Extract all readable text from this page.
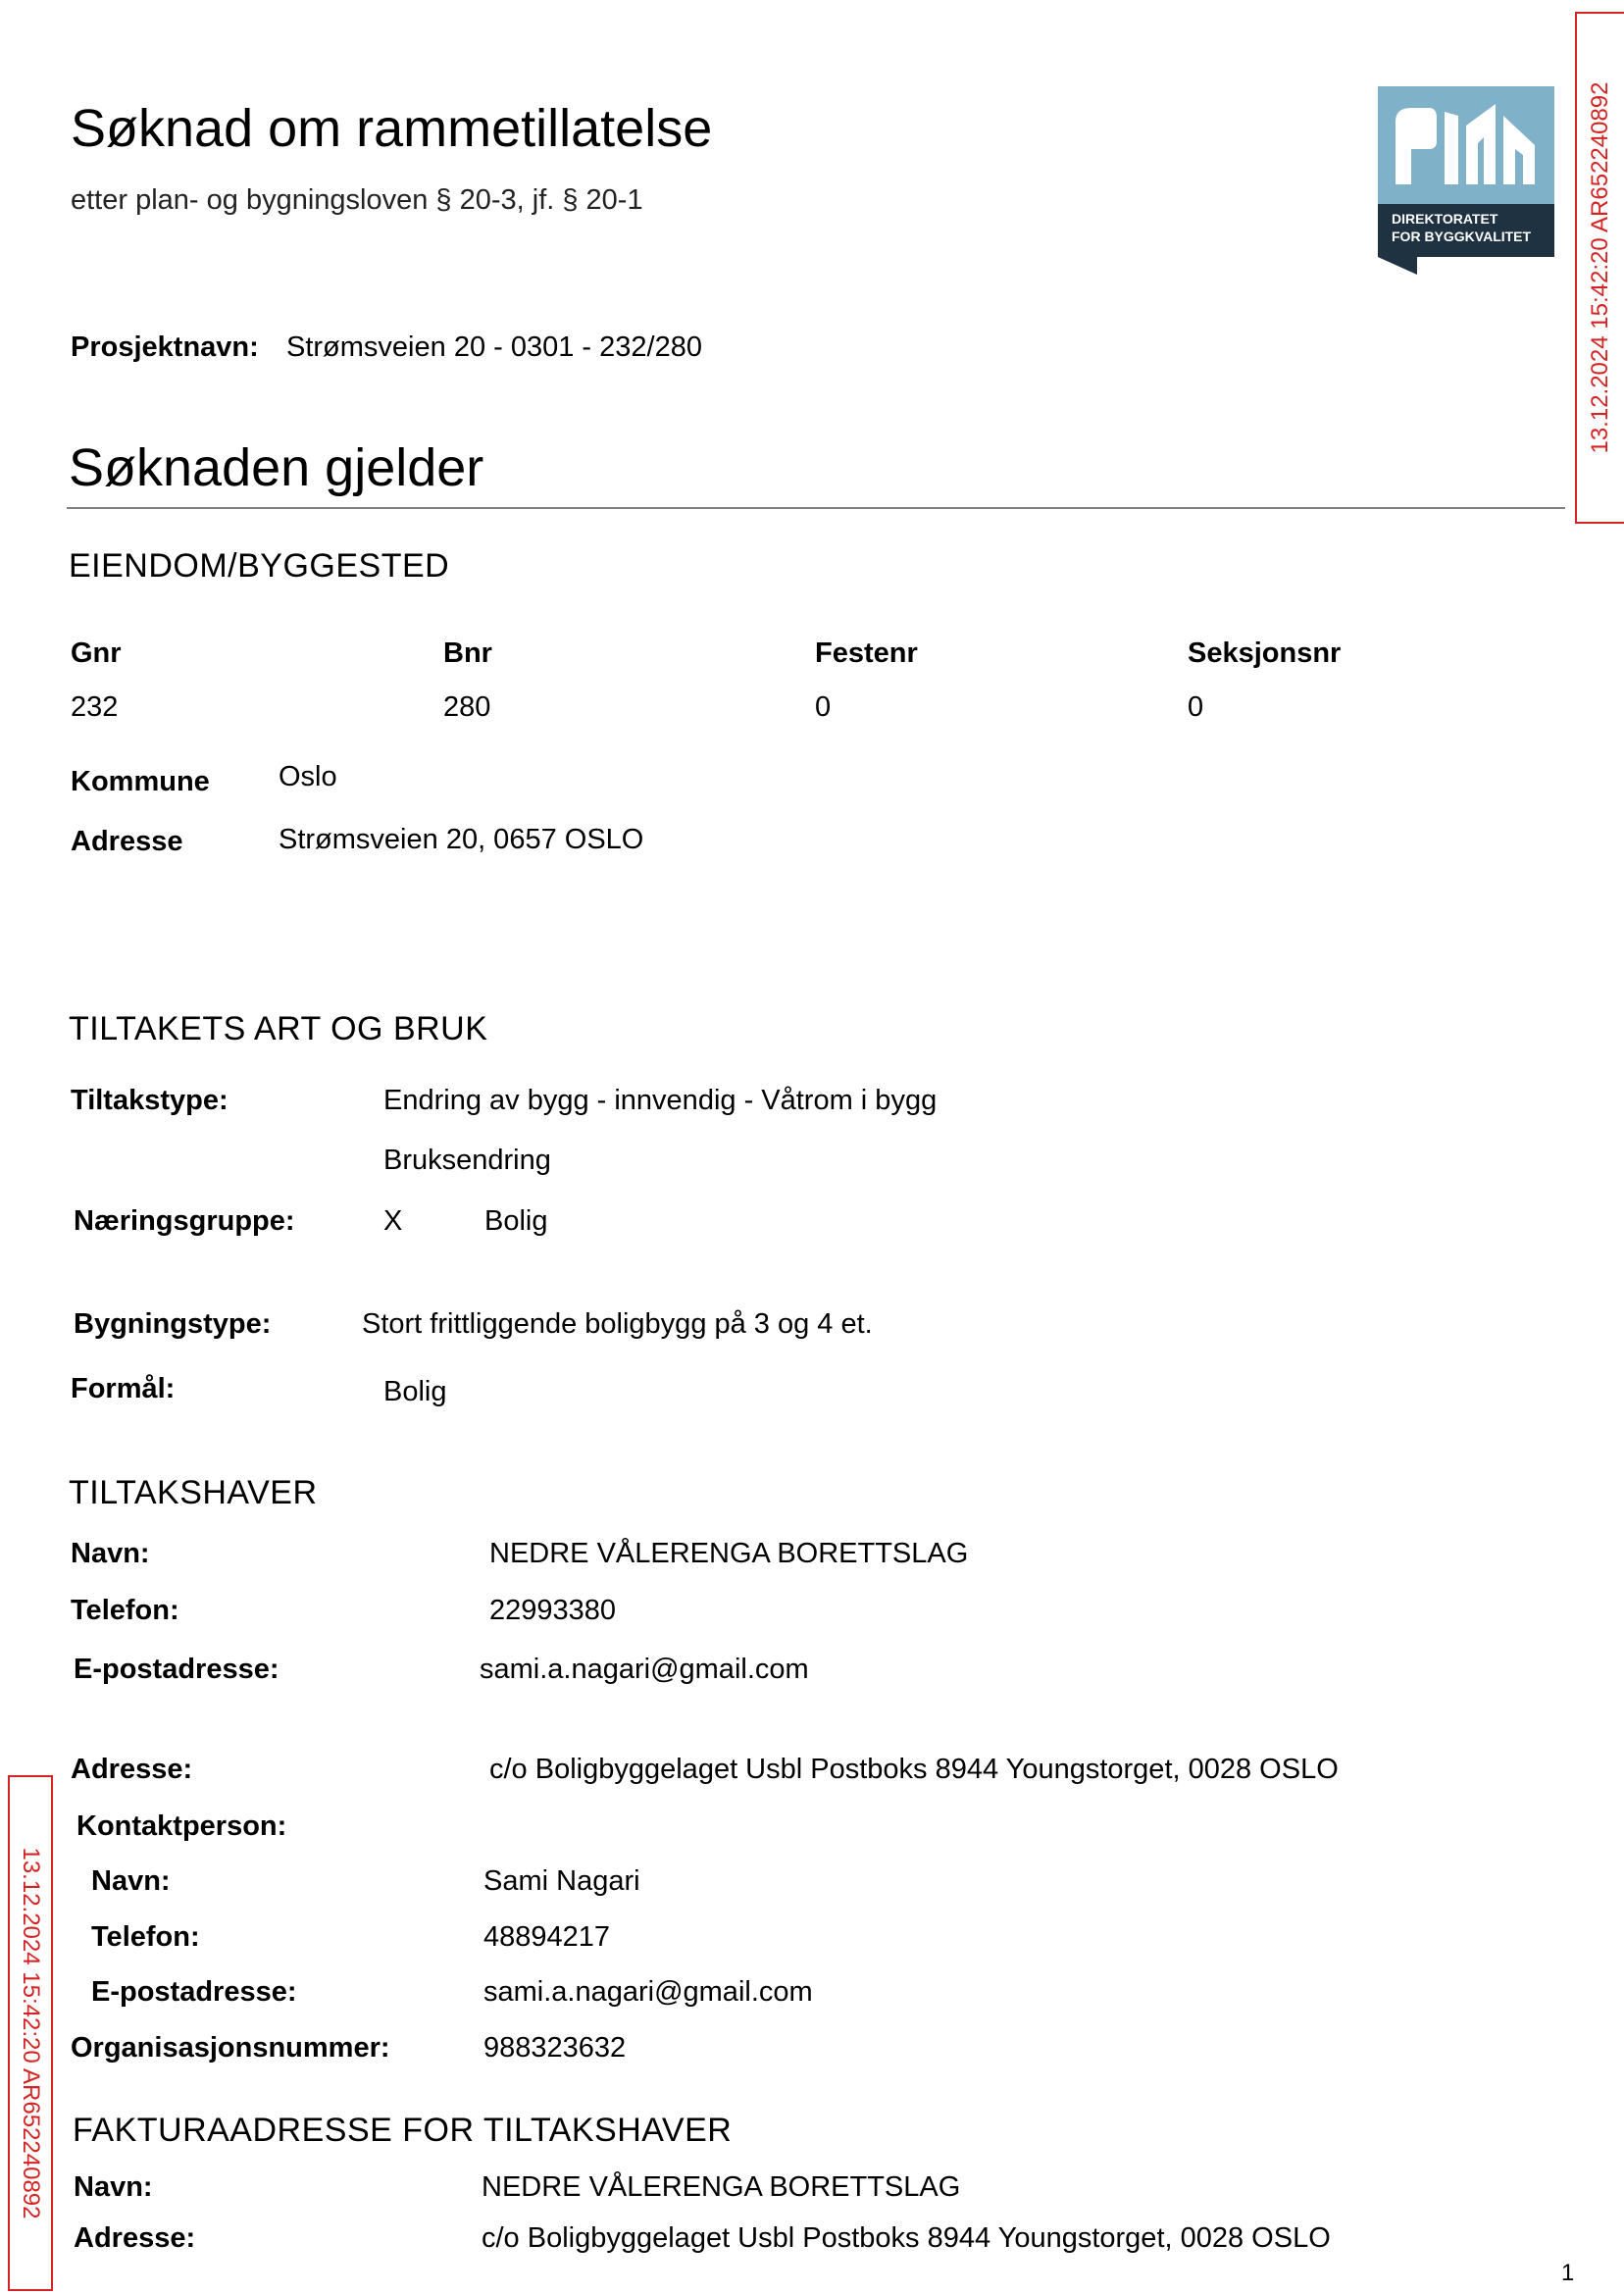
Søknad om rammetillatelse
etter plan- og bygningsloven § 20-3, jf. § 20-1
DIREKTORATET
FOR BYGGKVALITET 13.12.2024 15:42:20 AR652240892
13.12.2024 15:42:20 AR652240892
Prosjektnavn: Strømsveien 20 - 0301 - 232/280
Søknaden gjelder
EIENDOM/BYGGESTED
Gnr	Bnr	Festenr	Seksjonsnr
232	280	0	0
Kommune Oslo
Adresse	Strømsveien 20, 0657 OSLO
TILTAKETS ART OG BRUK
Tiltakstype:	Endring av bygg - innvendig - Våtrom i bygg
Bruksendring
Næringsgruppe:	X	Bolig
Bygningstype:	Stort frittliggende boligbygg på 3 og 4 et.
Formål:	Bolig
TILTAKSHAVER
Navn:	NEDRE VÅLERENGA BORETTSLAG
Telefon:	22993380
E-postadresse:	sami.a.nagari@gmail.com
Adresse:	c/o Boligbyggelaget Usbl Postboks 8944 Youngstorget, 0028 OSLO
Kontaktperson:
Navn:	Sami Nagari
Telefon:	48894217
E-postadresse:	sami.a.nagari@gmail.com
Organisasjonsnummer:	988323632
FAKTURAADRESSE FOR TILTAKSHAVER
Navn:	NEDRE VÅLERENGA BORETTSLAG
Adresse:	c/o Boligbyggelaget Usbl Postboks 8944 Youngstorget, 0028 OSLO
1
